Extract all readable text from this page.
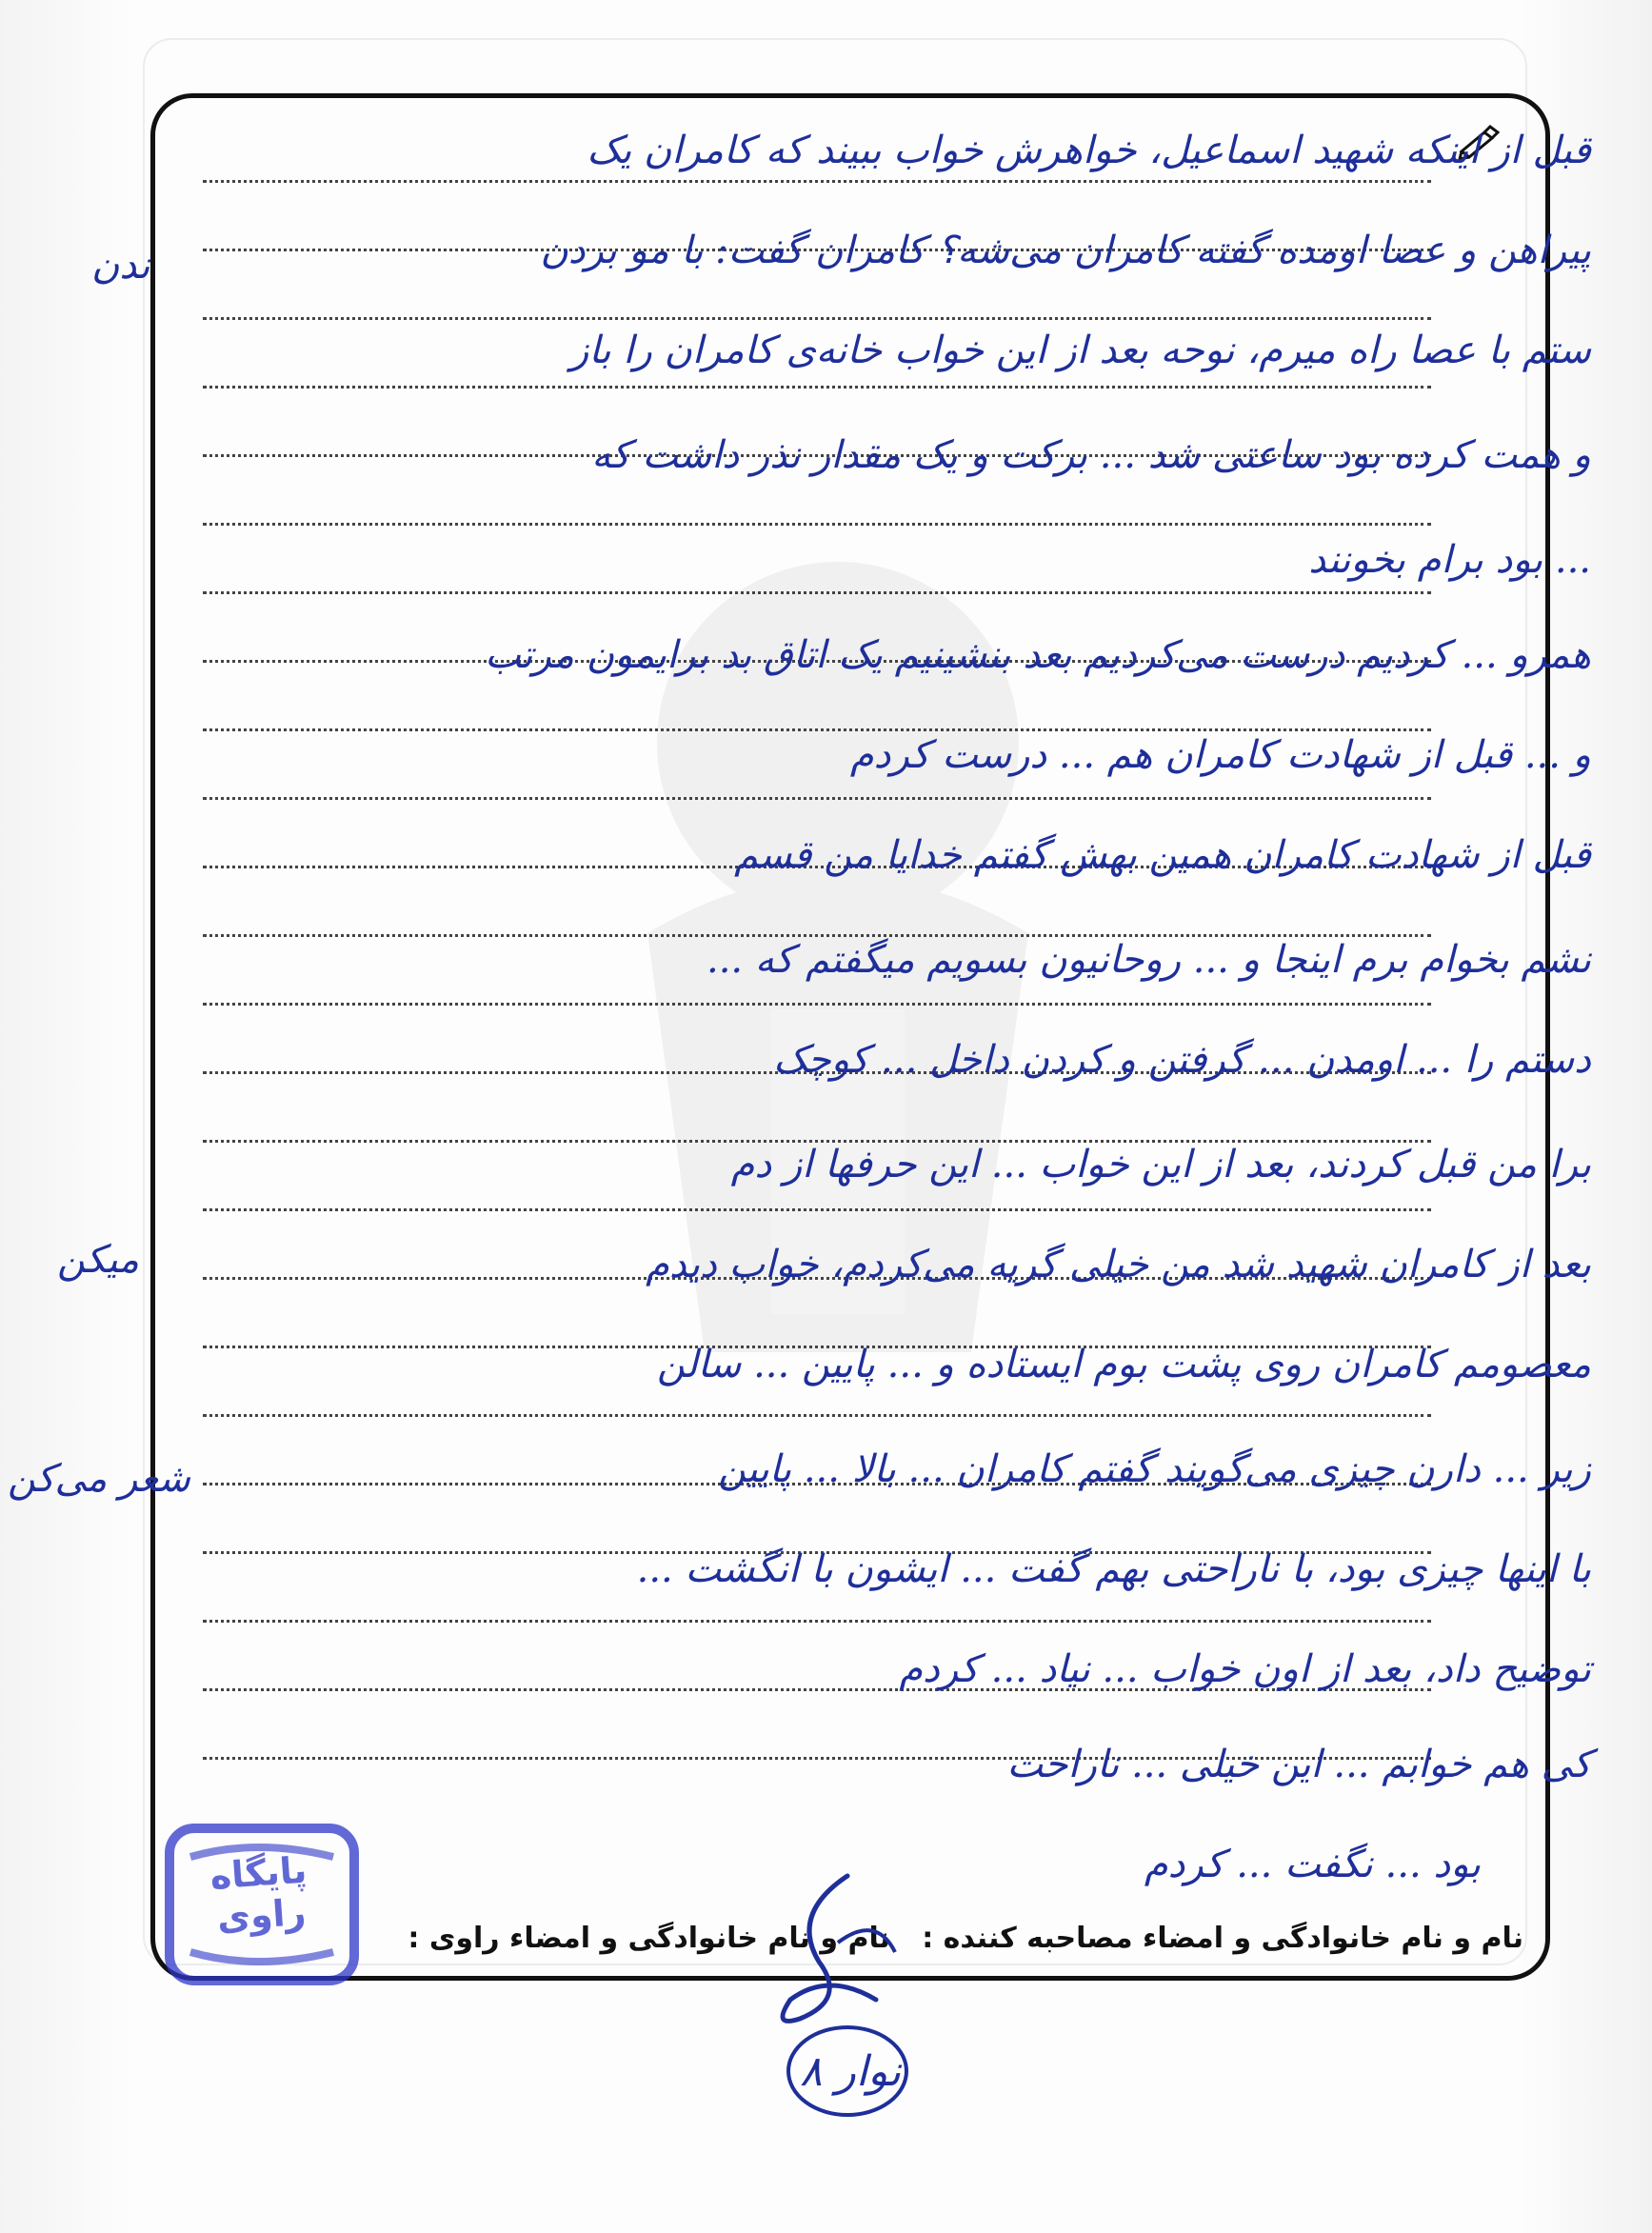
قبل از اینکه شهید اسماعیل، خواهرش خواب ببیند که کامران یک
پیراهن و عصا اومده گفته کامران می‌شه؟ کامران گفت: با مو بردن
ستم با عصا راه میرم، نوحه بعد از این خواب خانه‌ی کامران را باز
و همت کرده بود ساعتی شد ... برکت و یک مقدار نذر داشت که
... بود برام بخونند
همرو ... کردیم درست می‌کردیم بعد بنشینیم یک اتاق بد برایمون مرتب
و ... قبل از شهادت کامران هم ... درست کردم
قبل از شهادت کامران همین بهش گفتم خدایا من قسم
نشم بخوام برم اینجا و ... روحانیون بسویم میگفتم که ...
دستم را ... اومدن ... گرفتن و کردن داخل ... کوچک
برا من قبل کردند، بعد از این خواب ... این حرفها از دم
بعد از کامران شهید شد من خیلی گریه می‌کردم، خواب دیدم
معصومم کامران روی پشت بوم ایستاده و ... پایین ... سالن
زیر ... دارن چیزی می‌گویند گفتم کامران ... بالا ... پایین
با اینها چیزی بود، با ناراحتی بهم گفت ... ایشون با انگشت ...
توضیح داد، بعد از اون خواب ... نیاد ... کردم
کی هم خوابم ... این خیلی ... ناراحت
بود ... نگفت ... کردم
ندن
میکن
شعر می‌کن
نام و نام خانوادگی و امضاء مصاحبه کننده :
نام و نام خانوادگی و امضاء راوی :
پایگاه
راوی
نوار ۸
